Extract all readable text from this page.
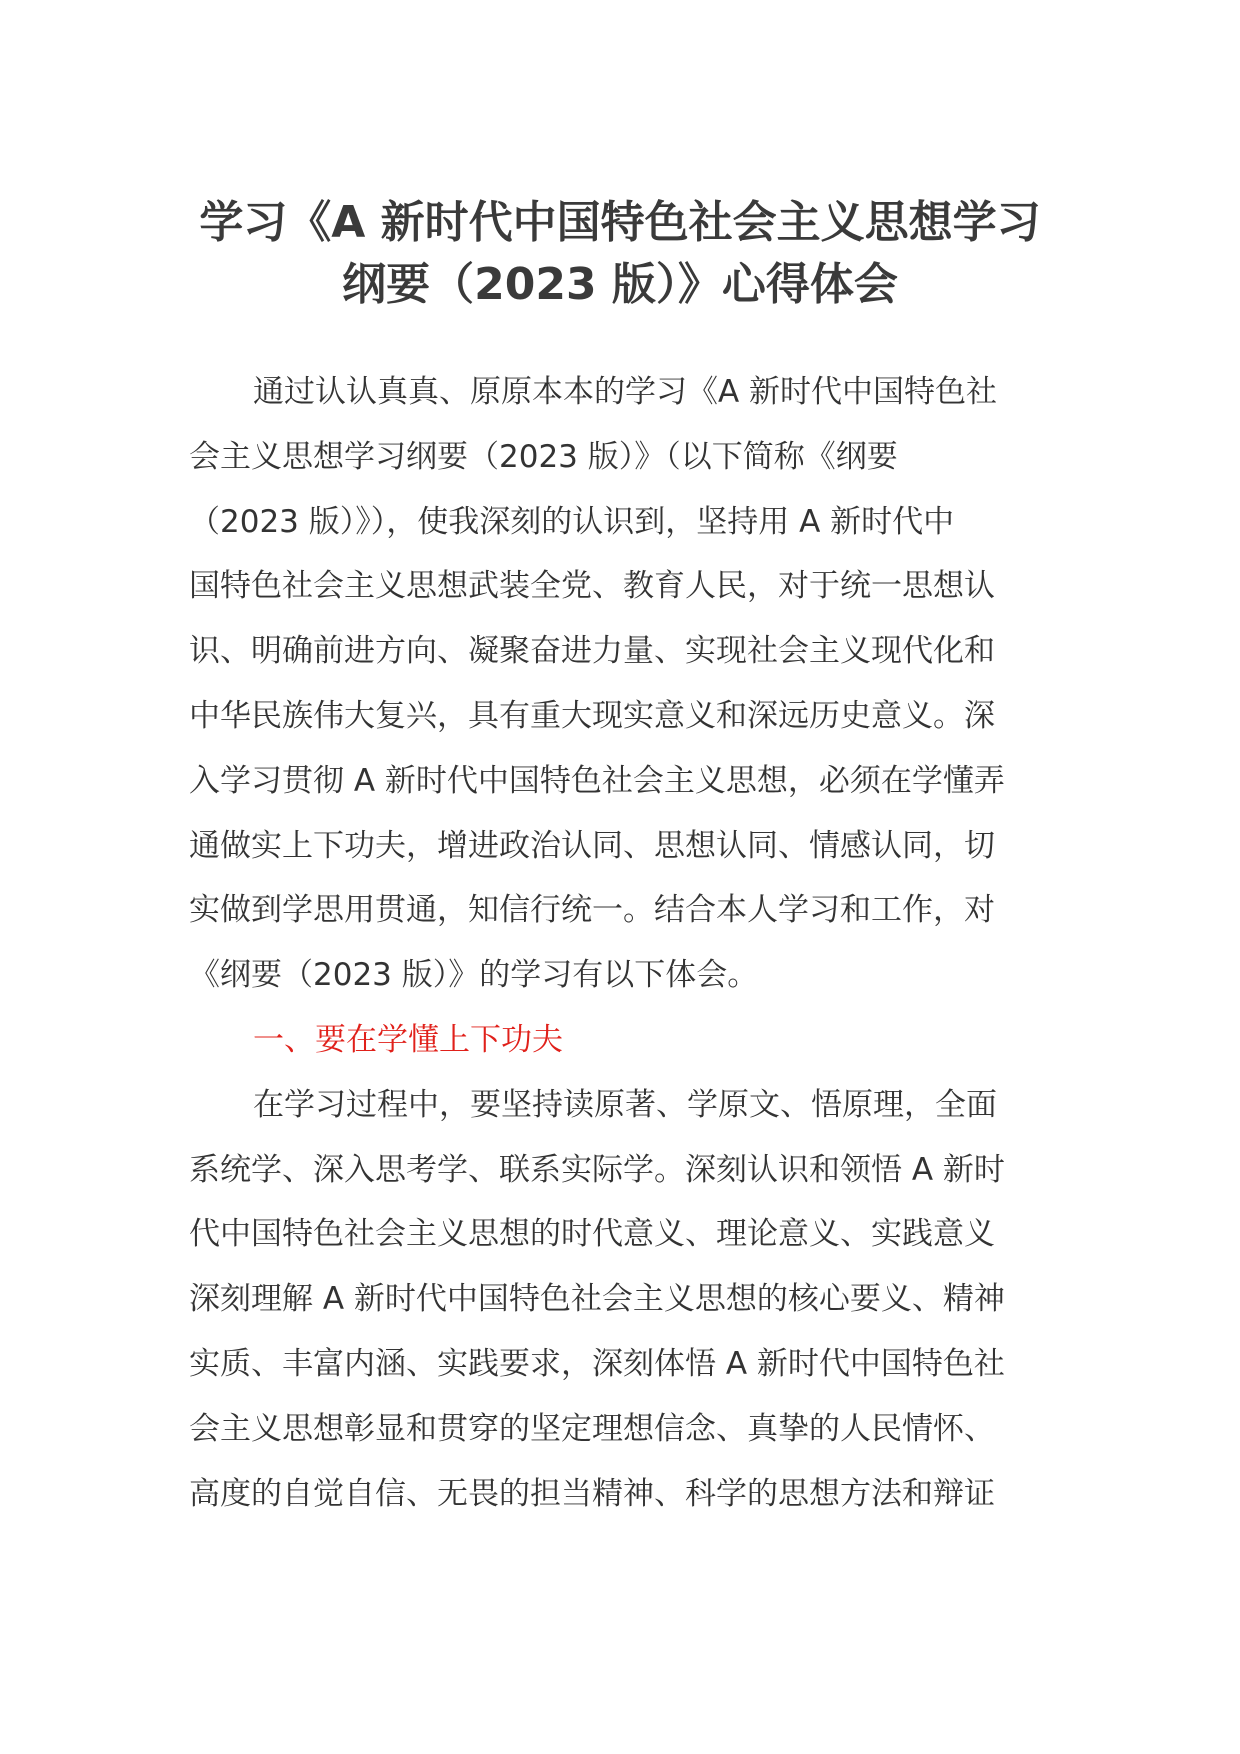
学习《A 新时代中国特色社会主义思想学习
纲要（2023 版）》心得体会
通过认认真真、原原本本的学习《A 新时代中国特色社
会主义思想学习纲要（2023 版）》（以下简称《纲要
（2023 版）》），使我深刻的认识到，坚持用 A 新时代中
国特色社会主义思想武装全党、教育人民，对于统一思想认
识、明确前进方向、凝聚奋进力量、实现社会主义现代化和
中华民族伟大复兴，具有重大现实意义和深远历史意义。深
入学习贯彻 A 新时代中国特色社会主义思想，必须在学懂弄
通做实上下功夫，增进政治认同、思想认同、情感认同，切
实做到学思用贯通，知信行统一。结合本人学习和工作，对
《纲要（2023 版）》的学习有以下体会。
一、要在学懂上下功夫
在学习过程中，要坚持读原著、学原文、悟原理，全面
系统学、深入思考学、联系实际学。深刻认识和领悟 A 新时
代中国特色社会主义思想的时代意义、理论意义、实践意义
深刻理解 A 新时代中国特色社会主义思想的核心要义、精神
实质、丰富内涵、实践要求，深刻体悟 A 新时代中国特色社
会主义思想彰显和贯穿的坚定理想信念、真挚的人民情怀、
高度的自觉自信、无畏的担当精神、科学的思想方法和辩证
